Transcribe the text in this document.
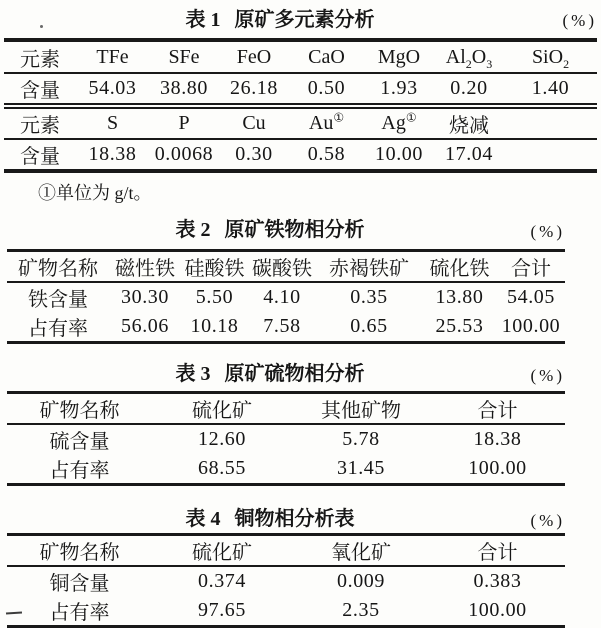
表 1 原矿多元素分析	(%)
元素	TFe	SFe	FeO	CaO	MgO	$Al_2O_3$	SiO$_2$
含量	54.03	38.80	26.18	0.50	1.93	0.20	1.40
元素	S	P	Cu	Au①	Ag①	烧减	
含量	18.38	0.0068	0.30	0.58	10.00	17.04	
①单位为 g/t。
表 2 原矿铁物相分析	(%)
矿物名称	磁性铁	硅酸铁	碳酸铁	赤褐铁矿	硫化铁	合计
铁含量	30.30	5.50	4.10	0.35	13.80	54.05
占有率	56.06	10.18	7.58	0.65	25.53	100.00
表 3 原矿硫物相分析	(%)
矿物名称	硫化矿	其他矿物	合计
硫含量	12.60	5.78	18.38
占有率	68.55	31.45	100.00
表 4 铜物相分析表	(%)
矿物名称	硫化矿	氧化矿	合计
铜含量	0.374	0.009	0.383
占有率	97.65	2.35	100.00
